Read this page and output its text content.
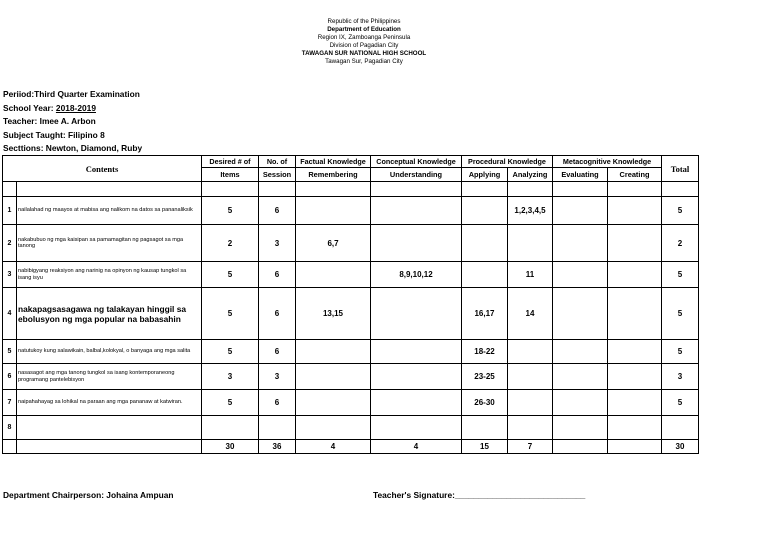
Republic of the Philippines
Department of Education
Region IX, Zamboanga Peninsula
Division of Pagadian City
TAWAGAN SUR NATIONAL HIGH SCHOOL
Tawagan Sur, Pagadian City
Periiod:Third Quarter Examination
School Year: 2018-2019
Teacher: Imee A. Arbon
Subject Taught: Filipino 8
Secttions: Newton, Diamond, Ruby
Contents		Desired # of	No. of	Factual Knowledge	Conceptual Knowledge	Procedural Knowledge		Metacognitive Knowledge		Total
		Items	Session	Remembering	Understanding	Applying	Analyzing	Evaluating	Creating	

1	nailalahad ng maayos at mabisa ang nalikom na datos sa pananaliksik	5	6				1,2,3,4,5			5
2	nakabubuo ng mga kaisipan sa pamamagitan ng pagsagot sa mga tanong	2	3	6,7						2
3	nabibigyang reaksiyon ang narinig na opinyon ng kausap tungkol sa isang isyu	5	6		8,9,10,12		11			5
4	nakapagsasagawa ng talakayan hinggil sa ebolusyon ng mga popular na babasahin	5	6	13,15		16,17	14			5
5	natutukoy kung salawikain, balbal,kolokyal, o banyaga ang mga salita	5	6			18-22				5
6	nasasagot ang mga tanong tungkol sa isang kontemporaneong programang pantelebisyon	3	3			23-25				3
7	naipahahayag sa lohikal na paraan ang mga pananaw at katwiran.	5	6			26-30				5
8										
		30	36	4	4	15	7			30
Department Chairperson: Johaina Ampuan	Teacher's Signature:____________________________
